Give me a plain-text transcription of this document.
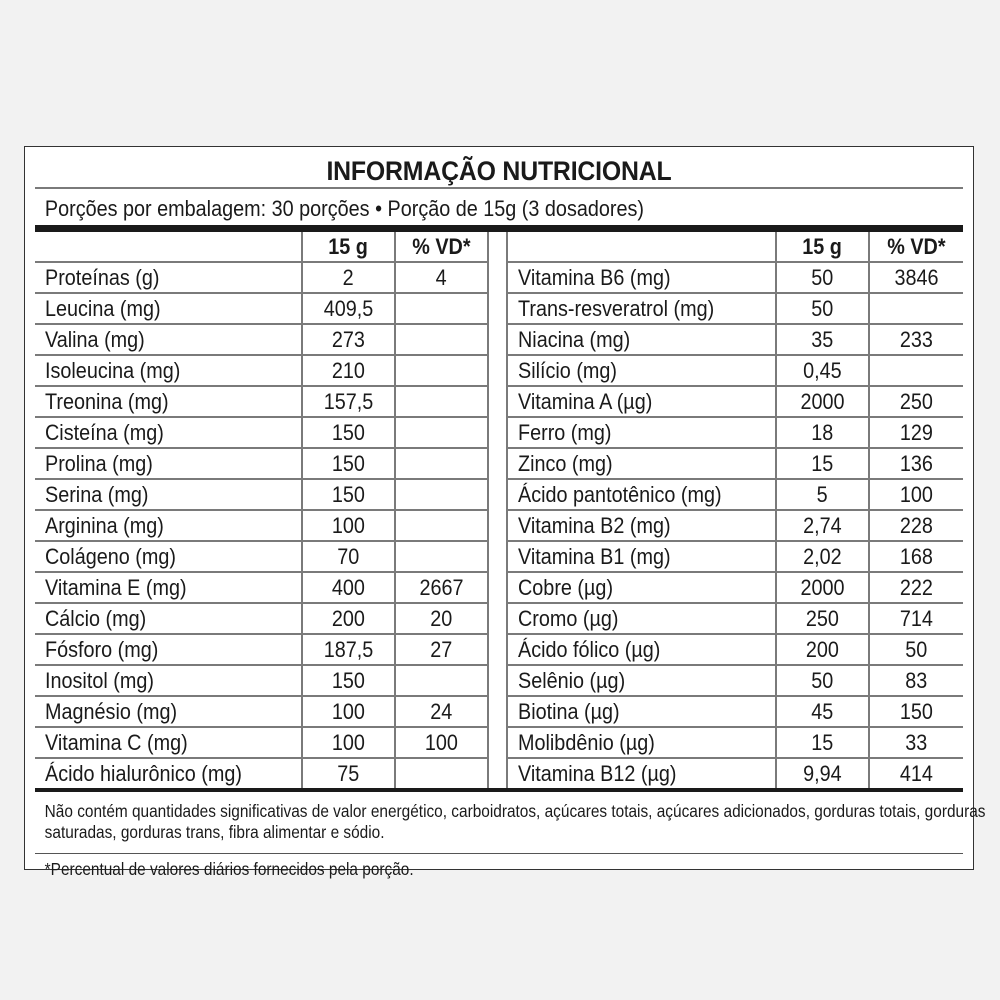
INFORMAÇÃO NUTRICIONAL
Porções por embalagem: 30 porções • Porção de 15g (3 dosadores)
	15 g	% VD*
Proteínas (g)	2	4
Leucina (mg)	409,5	
Valina (mg)	273	
Isoleucina (mg)	210	
Treonina (mg)	157,5	
Cisteína (mg)	150	
Prolina (mg)	150	
Serina (mg)	150	
Arginina (mg)	100	
Colágeno (mg)	70	
Vitamina E (mg)	400	2667
Cálcio (mg)	200	20
Fósforo (mg)	187,5	27
Inositol (mg)	150	
Magnésio (mg)	100	24
Vitamina C (mg)	100	100
Ácido hialurônico (mg)	75	
	15 g	% VD*
Vitamina B6 (mg)	50	3846
Trans-resveratrol (mg)	50	
Niacina (mg)	35	233
Silício (mg)	0,45	
Vitamina A (µg)	2000	250
Ferro (mg)	18	129
Zinco (mg)	15	136
Ácido pantotênico (mg)	5	100
Vitamina B2 (mg)	2,74	228
Vitamina B1 (mg)	2,02	168
Cobre (µg)	2000	222
Cromo (µg)	250	714
Ácido fólico (µg)	200	50
Selênio (µg)	50	83
Biotina (µg)	45	150
Molibdênio (µg)	15	33
Vitamina B12 (µg)	9,94	414
Não contém quantidades significativas de valor energético, carboidratos, açúcares totais, açúcares adicionados, gorduras totais, gorduras saturadas, gorduras trans, fibra alimentar e sódio.
*Percentual de valores diários fornecidos pela porção.
